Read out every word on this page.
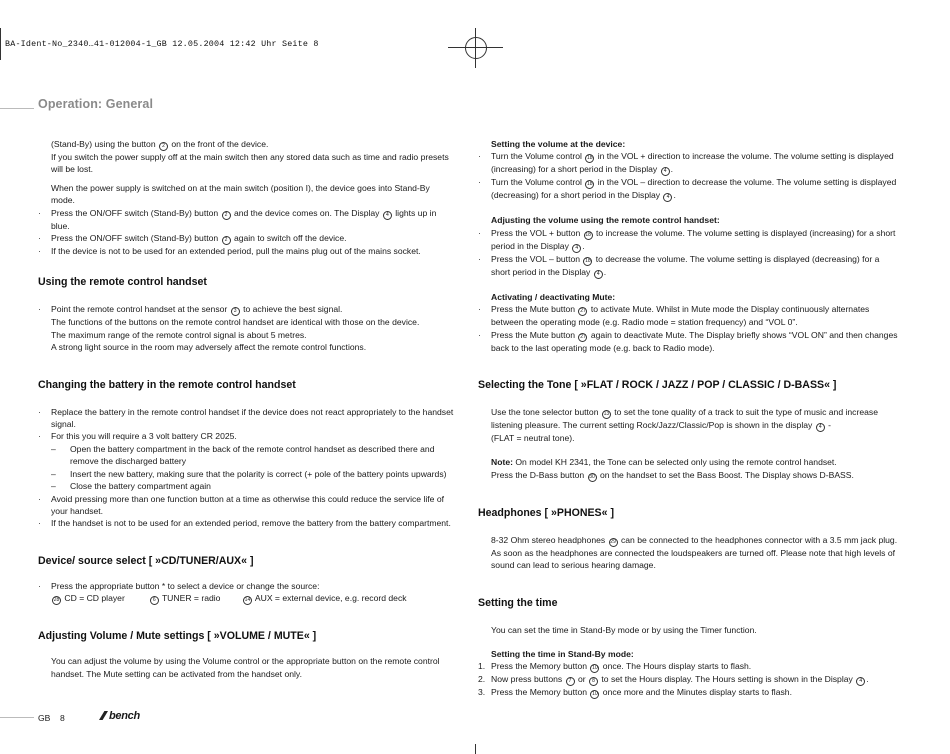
BA-Ident-No_2340…41-012004-1_GB 12.05.2004 12:42 Uhr Seite 8
Operation: General

(Stand-By) using the button 2 on the front of the device.

If you switch the power supply off at the main switch then any stored data such as time and radio presets will be lost.

When the power supply is switched on at the main switch (position I), the device goes into Stand-By mode.

· Press the ON/OFF switch (Stand-By) button 2 and the device comes on. The Display 4 lights up in blue.

· Press the ON/OFF switch (Stand-By) button 2 again to switch off the device.

· If the device is not to be used for an extended period, pull the mains plug out of the mains socket.

Using the remote control handset

· Point the remote control handset at the sensor 3 to achieve the best signal.

The functions of the buttons on the remote control handset are identical with those on the device.

The maximum range of the remote control signal is about 5 metres.

A strong light source in the room may adversely affect the remote control functions.

Changing the battery in the remote control handset

· Replace the battery in the remote control handset if the device does not react appropriately to the handset signal.

· For this you will require a 3 volt battery CR 2025.

– Open the battery compartment in the back of the remote control handset as described there and remove the discharged battery

– Insert the new battery, making sure that the polarity is correct (+ pole of the battery points upwards)

– Close the battery compartment again

· Avoid pressing more than one function button at a time as otherwise this could reduce the service life of your handset.

· If the handset is not to be used for an extended period, remove the battery from the battery compartment.

Device/ source select [ »CD/TUNER/AUX« ]

· Press the appropriate button * to select a device or change the source:

28 CD = CD player	6 TUNER = radio	14 AUX = external device, e.g. record deck

Adjusting Volume / Mute settings [ »VOLUME / MUTE« ]

You can adjust the volume by using the Volume control or the appropriate button on the remote control handset. The Mute setting can be activated from the handset only.

Setting the volume at the device:

· Turn the Volume control 18 in the VOL + direction to increase the volume. The volume setting is displayed (increasing) for a short period in the Display 4 .

· Turn the Volume control 18 in the VOL – direction to decrease the volume. The volume setting is displayed (decreasing) for a short period in the Display 4 .

Adjusting the volume using the remote control handset:

· Press the VOL + button 18 to increase the volume. The volume setting is displayed (increasing) for a short period in the Display 4 .

· Press the VOL – button 18 to decrease the volume. The volume setting is displayed (decreasing) for a short period in the Display 4 .

Activating / deactivating Mute:

· Press the Mute button 27 to activate Mute. Whilst in Mute mode the Display continuously alternates between the operating mode (e.g. Radio mode = station frequency) and “VOL 0”.

· Press the Mute button 27 again to deactivate Mute. The Display briefly shows “VOL ON” and then changes back to the last operating mode (e.g. back to Radio mode).

Selecting the Tone [ »FLAT / ROCK / JAZZ / POP / CLASSIC / D-BASS« ]

Use the tone selector button 13 to set the tone quality of a track to suit the type of music and increase listening pleasure. The current setting Rock/Jazz/Classic/Pop is shown in the display 4 -

(FLAT = neutral tone).

Note: On model KH 2341, the Tone can be selected only using the remote control handset.

Press the D-Bass button 30 on the handset to set the Bass Boost. The Display shows D-BASS.

Headphones [ »PHONES« ]

8-32 Ohm stereo headphones 29 can be connected to the headphones connector with a 3.5 mm jack plug. As soon as the headphones are connected the loudspeakers are turned off. Please note that high levels of sound can lead to serious hearing damage.

Setting the time

You can set the time in Stand-By mode or by using the Timer function.

Setting the time in Stand-By mode:

1. Press the Memory button 10 once. The Hours display starts to flash.

2. Now press buttons 7 or 8 to set the Hours display. The Hours setting is shown in the Display 4 .

3. Press the Memory button 10 once more and the Minutes display starts to flash.

GB    8	bench
